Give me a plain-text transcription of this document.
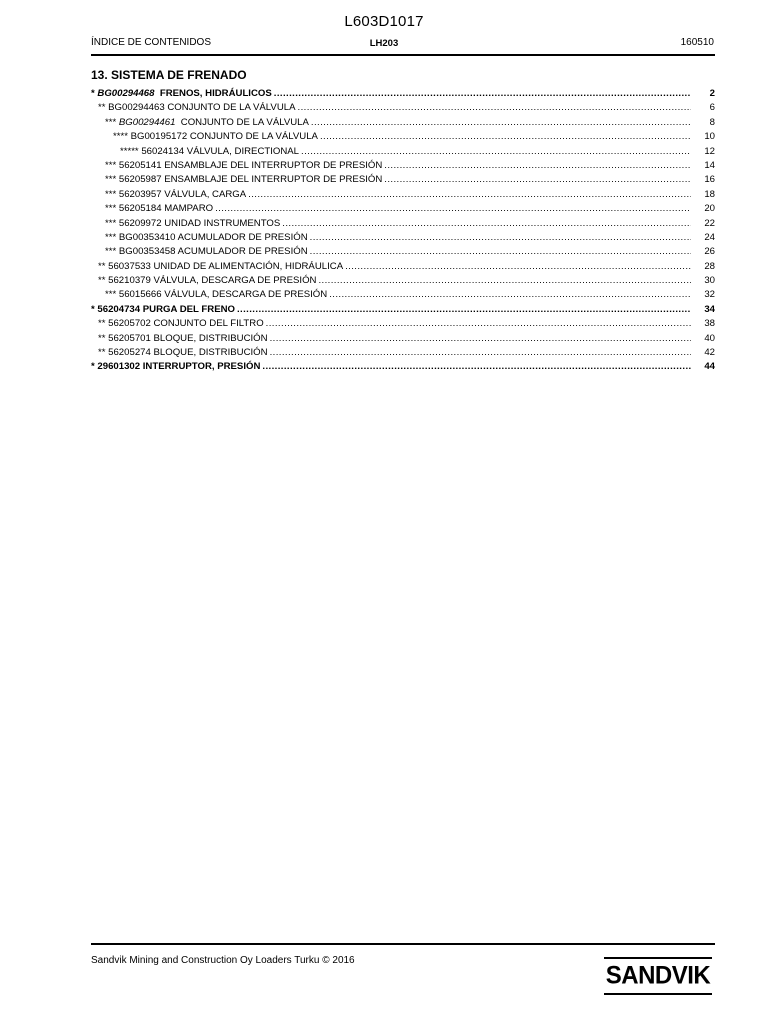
L603D1017
ÍNDICE DE CONTENIDOS	LH203	160510
13. SISTEMA DE FRENADO
* BG00294468 FRENOS, HIDRÁULICOS .....	2
** BG00294463 CONJUNTO DE LA VÁLVULA .....	6
*** BG00294461 CONJUNTO DE LA VÁLVULA .....	8
**** BG00195172 CONJUNTO DE LA VÁLVULA .....	10
***** 56024134 VÁLVULA, DIRECTIONAL .....	12
*** 56205141 ENSAMBLAJE DEL INTERRUPTOR DE PRESIÓN .....	14
*** 56205987 ENSAMBLAJE DEL INTERRUPTOR DE PRESIÓN .....	16
*** 56203957 VÁLVULA, CARGA .....	18
*** 56205184 MAMPARO .....	20
*** 56209972 UNIDAD INSTRUMENTOS .....	22
*** BG00353410 ACUMULADOR DE PRESIÓN .....	24
*** BG00353458 ACUMULADOR DE PRESIÓN .....	26
** 56037533 UNIDAD DE ALIMENTACIÓN, HIDRÁULICA .....	28
** 56210379 VÁLVULA, DESCARGA DE PRESIÓN .....	30
*** 56015666 VÁLVULA, DESCARGA DE PRESIÓN .....	32
* 56204734 PURGA DEL FRENO .....	34
** 56205702 CONJUNTO DEL FILTRO .....	38
** 56205701 BLOQUE, DISTRIBUCIÓN .....	40
** 56205274 BLOQUE, DISTRIBUCIÓN .....	42
* 29601302 INTERRUPTOR, PRESIÓN .....	44
Sandvik Mining and Construction Oy Loaders Turku © 2016
SANDVIK
